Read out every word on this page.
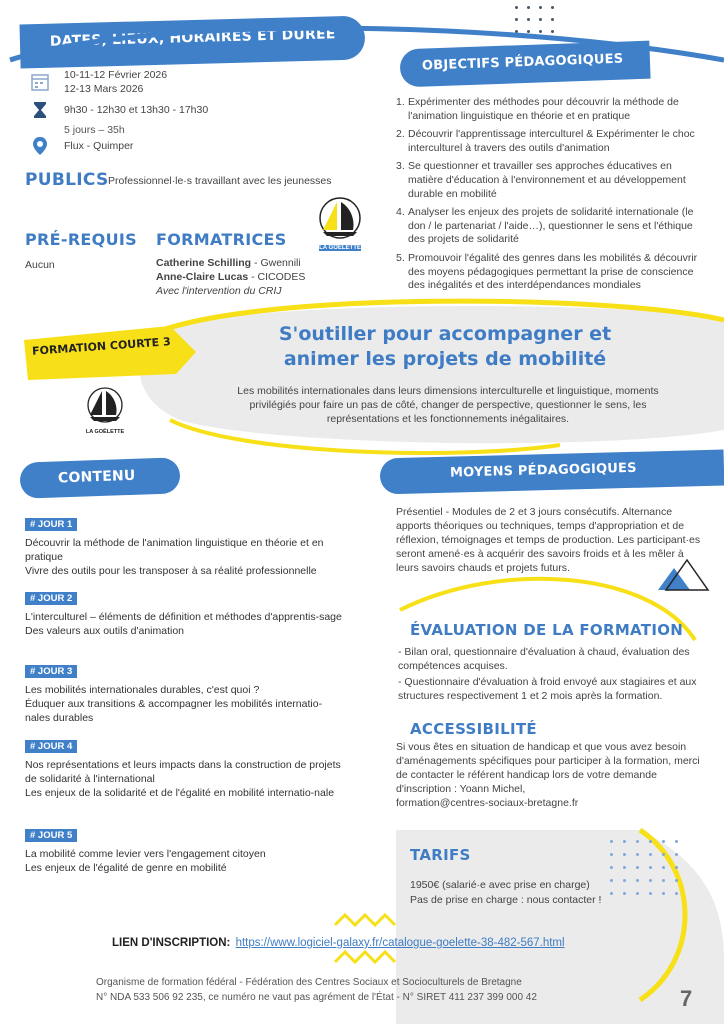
DATES, LIEUX, HORAIRES ET DURÉE
OBJECTIFS PÉDAGOGIQUES
10-11-12 Février 2026
12-13 Mars 2026
9h30 - 12h30 et 13h30 - 17h30
5 jours – 35h
Flux - Quimper
PUBLICS Professionnel·le·s travaillant avec les jeunesses
LA GOËLETTE
PRÉ-REQUIS
Aucun
FORMATRICES
Catherine Schilling - Gwennili
Anne-Claire Lucas - CICODES
Avec l'intervention du CRIJ
1. Expérimenter des méthodes pour découvrir la méthode de l'animation linguistique en théorie et en pratique
2. Découvrir l'apprentissage interculturel & Expérimenter le choc interculturel à travers des outils d'animation
3. Se questionner et travailler ses approches éducatives en matière d'éducation à l'environnement et au développement durable en mobilité
4. Analyser les enjeux des projets de solidarité internationale (le don / le partenariat / l'aide…), questionner le sens et l'éthique des projets de solidarité
5. Promouvoir l'égalité des genres dans les mobilités & découvrir des moyens pédagogiques permettant la prise de conscience des inégalités et des interdépendances mondiales
FORMATION COURTE 3
S'outiller pour accompagner et
animer les projets de mobilité
Les mobilités internationales dans leurs dimensions interculturelle et linguistique, moments privilégiés pour faire un pas de côté, changer de perspective, questionner le sens, les représentations et les fonctionnements inégalitaires.
LA GOËLETTE
CONTENU
# JOUR 1
Découvrir la méthode de l'animation linguistique en théorie et en pratique
Vivre des outils pour les transposer à sa réalité professionnelle
# JOUR 2
L'interculturel – éléments de définition et méthodes d'apprentis-sage
Des valeurs aux outils d'animation
# JOUR 3
Les mobilités internationales durables, c'est quoi ?
Éduquer aux transitions & accompagner les mobilités internatio-nales durables
# JOUR 4
Nos représentations et leurs impacts dans la construction de projets de solidarité à l'international
Les enjeux de la solidarité et de l'égalité en mobilité internatio-nale
# JOUR 5
La mobilité comme levier vers l'engagement citoyen
Les enjeux de l'égalité de genre en mobilité
MOYENS PÉDAGOGIQUES
Présentiel - Modules de 2 et 3 jours consécutifs. Alternance apports théoriques ou techniques, temps d'appropriation et de réflexion, témoignages et temps de production. Les participant·es seront amené·es à acquérir des savoirs froids et à les mêler à leurs savoirs chauds et projets futurs.
ÉVALUATION DE LA FORMATION
- Bilan oral, questionnaire d'évaluation à chaud, évaluation des compétences acquises.
- Questionnaire d'évaluation à froid envoyé aux stagiaires et aux structures respectivement 1 et 2 mois après la formation.
ACCESSIBILITÉ
Si vous êtes en situation de handicap et que vous avez besoin d'aménagements spécifiques pour participer à la formation, merci de contacter le référent handicap lors de votre demande d'inscription : Yoann Michel,
formation@centres-sociaux-bretagne.fr
TARIFS
1950€ (salarié·e avec prise en charge)
Pas de prise en charge : nous contacter !
LIEN D'INSCRIPTION: https://www.logiciel-galaxy.fr/catalogue-goelette-38-482-567.html
Organisme de formation fédéral - Fédération des Centres Sociaux et Socioculturels de Bretagne
N° NDA 533 506 92 235, ce numéro ne vaut pas agrément de l'État - N° SIRET 411 237 399 000 42	7
